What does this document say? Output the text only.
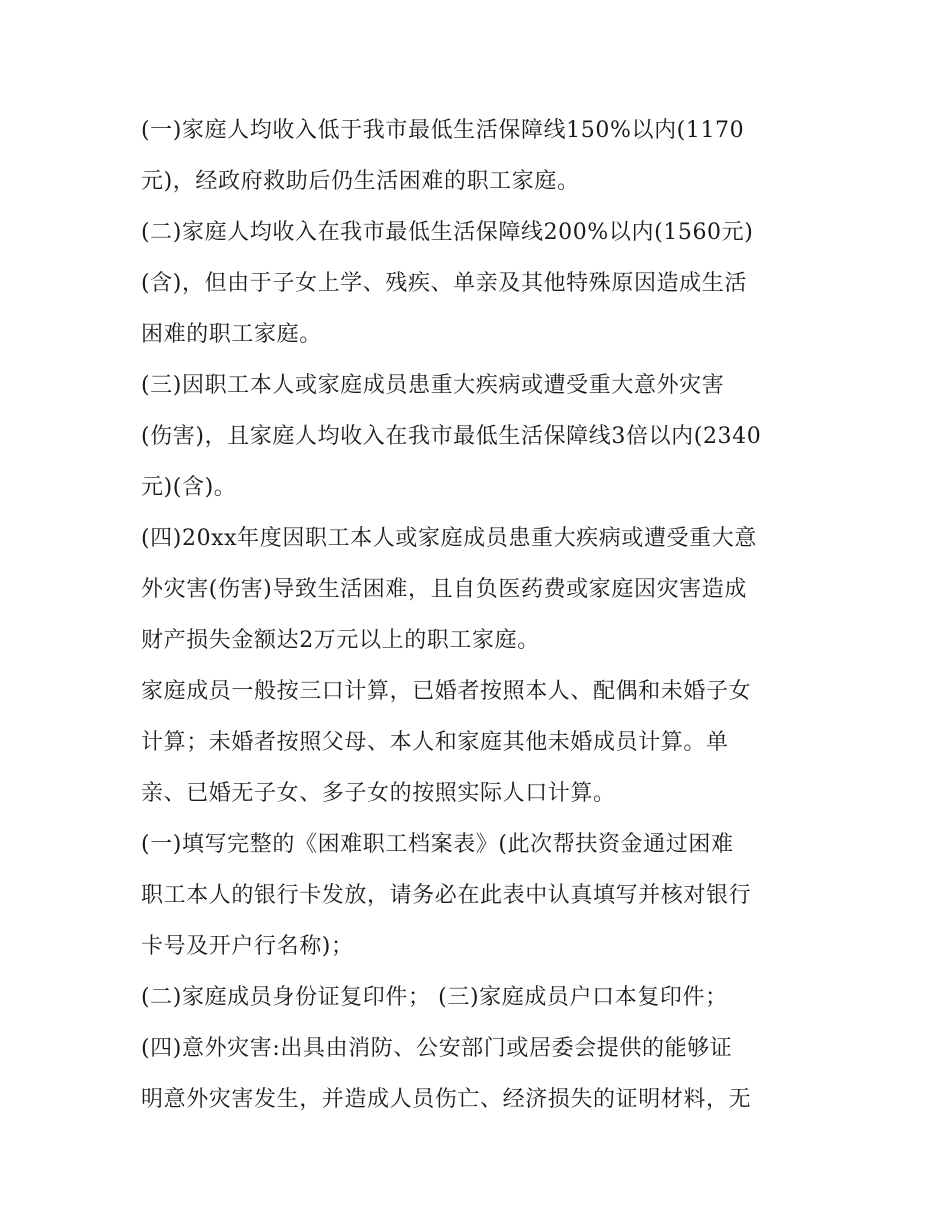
(一)家庭人均收入低于我市最低生活保障线150%以内(1170
元)，经政府救助后仍生活困难的职工家庭。
(二)家庭人均收入在我市最低生活保障线200%以内(1560元)
(含)，但由于子女上学、残疾、单亲及其他特殊原因造成生活
困难的职工家庭。
(三)因职工本人或家庭成员患重大疾病或遭受重大意外灾害
(伤害)，且家庭人均收入在我市最低生活保障线3倍以内(2340
元)(含)。
(四)20xx年度因职工本人或家庭成员患重大疾病或遭受重大意
外灾害(伤害)导致生活困难，且自负医药费或家庭因灾害造成
财产损失金额达2万元以上的职工家庭。
家庭成员一般按三口计算，已婚者按照本人、配偶和未婚子女
计算；未婚者按照父母、本人和家庭其他未婚成员计算。单
亲、已婚无子女、多子女的按照实际人口计算。
(一)填写完整的《困难职工档案表》(此次帮扶资金通过困难
职工本人的银行卡发放，请务必在此表中认真填写并核对银行
卡号及开户行名称)；
(二)家庭成员身份证复印件； (三)家庭成员户口本复印件；
(四)意外灾害:出具由消防、公安部门或居委会提供的能够证
明意外灾害发生，并造成人员伤亡、经济损失的证明材料，无
